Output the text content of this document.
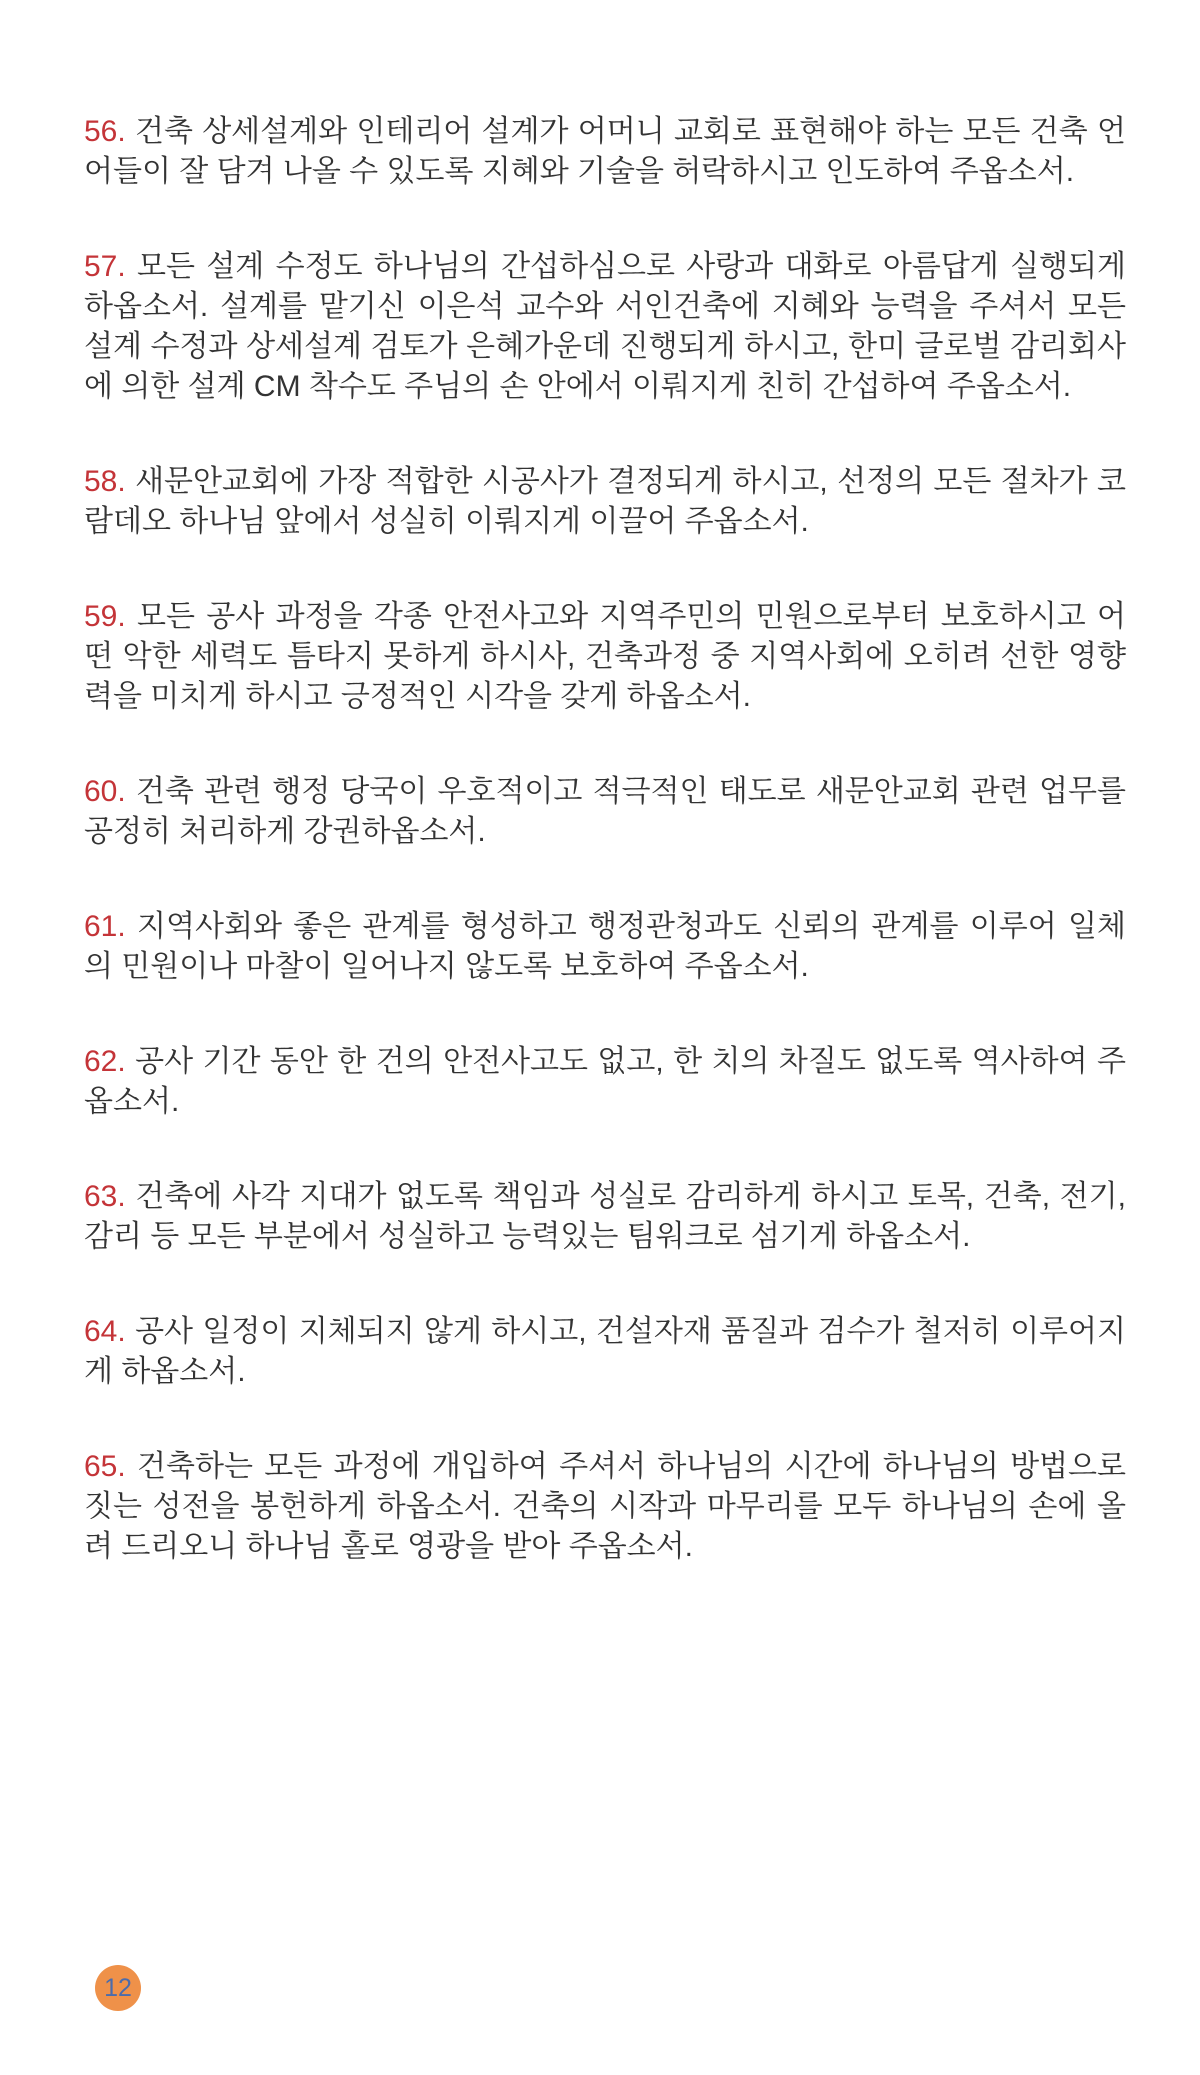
56. 건축 상세설계와 인테리어 설계가 어머니 교회로 표현해야 하는 모든 건축 언어들이 잘 담겨 나올 수 있도록 지혜와 기술을 허락하시고 인도하여 주옵소서.

57. 모든 설계 수정도 하나님의 간섭하심으로 사랑과 대화로 아름답게 실행되게 하옵소서. 설계를 맡기신 이은석 교수와 서인건축에 지혜와 능력을 주셔서 모든 설계 수정과 상세설계 검토가 은혜가운데 진행되게 하시고, 한미 글로벌 감리회사에 의한 설계 CM 착수도 주님의 손 안에서 이뤄지게 친히 간섭하여 주옵소서.

58. 새문안교회에 가장 적합한 시공사가 결정되게 하시고, 선정의 모든 절차가 코람데오 하나님 앞에서 성실히 이뤄지게 이끌어 주옵소서.

59. 모든 공사 과정을 각종 안전사고와 지역주민의 민원으로부터 보호하시고 어떤 악한 세력도 틈타지 못하게 하시사, 건축과정 중 지역사회에 오히려 선한 영향력을 미치게 하시고 긍정적인 시각을 갖게 하옵소서.

60. 건축 관련 행정 당국이 우호적이고 적극적인 태도로 새문안교회 관련 업무를 공정히 처리하게 강권하옵소서.

61. 지역사회와 좋은 관계를 형성하고 행정관청과도 신뢰의 관계를 이루어 일체의 민원이나 마찰이 일어나지 않도록 보호하여 주옵소서.

62. 공사 기간 동안 한 건의 안전사고도 없고, 한 치의 차질도 없도록 역사하여 주옵소서.

63. 건축에 사각 지대가 없도록 책임과 성실로 감리하게 하시고 토목, 건축, 전기, 감리 등 모든 부분에서 성실하고 능력있는 팀워크로 섬기게 하옵소서.

64. 공사 일정이 지체되지 않게 하시고, 건설자재 품질과 검수가 철저히 이루어지게 하옵소서.

65. 건축하는 모든 과정에 개입하여 주셔서 하나님의 시간에 하나님의 방법으로 짓는 성전을 봉헌하게 하옵소서. 건축의 시작과 마무리를 모두 하나님의 손에 올려 드리오니 하나님 홀로 영광을 받아 주옵소서.

12
